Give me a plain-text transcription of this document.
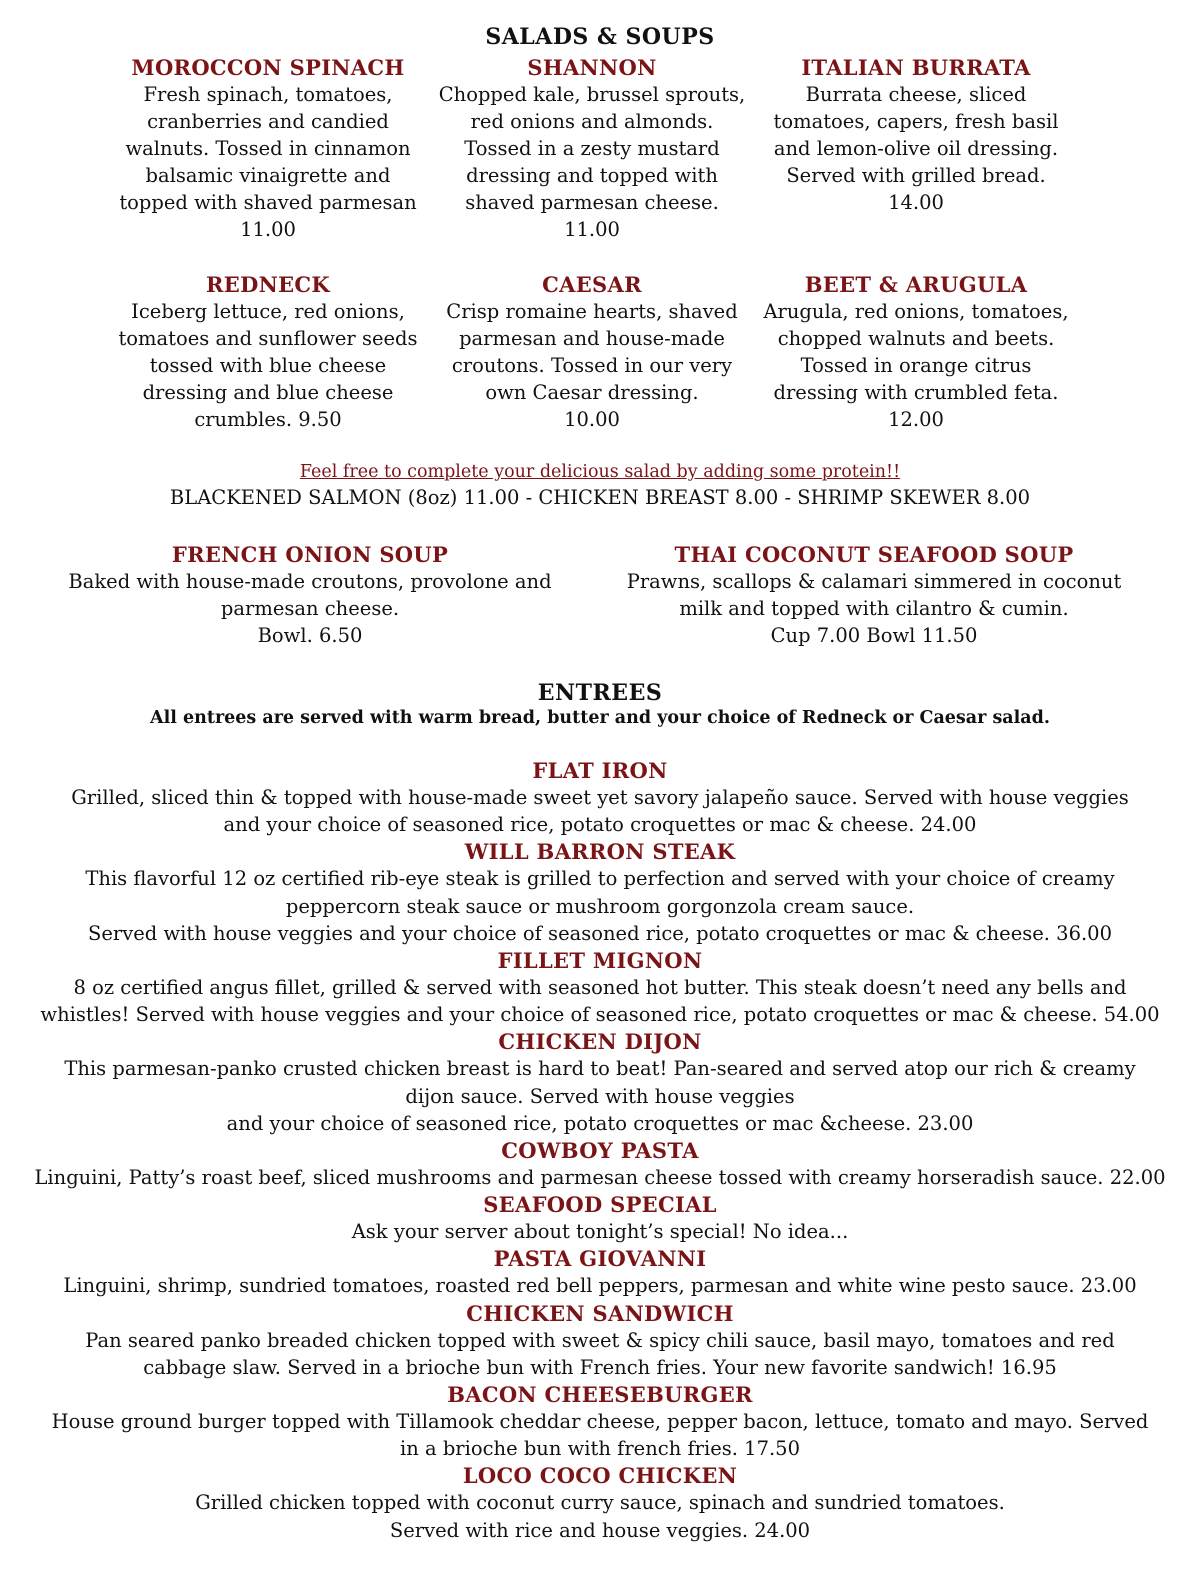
SALADS & SOUPS
MOROCCON SPINACH
Fresh spinach, tomatoes,
cranberries and candied
walnuts. Tossed in cinnamon
balsamic vinaigrette and
topped with shaved parmesan
11.00
SHANNON
Chopped kale, brussel sprouts,
red onions and almonds.
Tossed in a zesty mustard
dressing and topped with
shaved parmesan cheese.
11.00
ITALIAN BURRATA
Burrata cheese, sliced
tomatoes, capers, fresh basil
and lemon-olive oil dressing.
Served with grilled bread.
14.00
REDNECK
Iceberg lettuce, red onions,
tomatoes and sunflower seeds
tossed with blue cheese
dressing and blue cheese
crumbles. 9.50
CAESAR
Crisp romaine hearts, shaved
parmesan and house-made
croutons. Tossed in our very
own Caesar dressing.
10.00
BEET & ARUGULA
Arugula, red onions, tomatoes,
chopped walnuts and beets.
Tossed in orange citrus
dressing with crumbled feta.
12.00
Feel free to complete your delicious salad by adding some protein!!
BLACKENED SALMON (8oz) 11.00 - CHICKEN BREAST 8.00 - SHRIMP SKEWER 8.00
FRENCH ONION SOUP
Baked with house-made croutons, provolone and
parmesan cheese.
Bowl. 6.50
THAI COCONUT SEAFOOD SOUP
Prawns, scallops & calamari simmered in coconut
milk and topped with cilantro & cumin.
Cup 7.00 Bowl 11.50
ENTREES
All entrees are served with warm bread, butter and your choice of Redneck or Caesar salad.
FLAT IRON
Grilled, sliced thin & topped with house-made sweet yet savory jalapeño sauce. Served with house veggies
and your choice of seasoned rice, potato croquettes or mac & cheese. 24.00
WILL BARRON STEAK
This flavorful 12 oz certified rib-eye steak is grilled to perfection and served with your choice of creamy
peppercorn steak sauce or mushroom gorgonzola cream sauce.
Served with house veggies and your choice of seasoned rice, potato croquettes or mac & cheese. 36.00
FILLET MIGNON
8 oz certified angus fillet, grilled & served with seasoned hot butter. This steak doesn’t need any bells and
whistles! Served with house veggies and your choice of seasoned rice, potato croquettes or mac & cheese. 54.00
CHICKEN DIJON
This parmesan-panko crusted chicken breast is hard to beat! Pan-seared and served atop our rich & creamy
dijon sauce. Served with house veggies
and your choice of seasoned rice, potato croquettes or mac &cheese. 23.00
COWBOY PASTA
Linguini, Patty’s roast beef, sliced mushrooms and parmesan cheese tossed with creamy horseradish sauce. 22.00
SEAFOOD SPECIAL
Ask your server about tonight’s special! No idea...
PASTA GIOVANNI
Linguini, shrimp, sundried tomatoes, roasted red bell peppers, parmesan and white wine pesto sauce. 23.00
CHICKEN SANDWICH
Pan seared panko breaded chicken topped with sweet & spicy chili sauce, basil mayo, tomatoes and red
cabbage slaw. Served in a brioche bun with French fries. Your new favorite sandwich! 16.95
BACON CHEESEBURGER
House ground burger topped with Tillamook cheddar cheese, pepper bacon, lettuce, tomato and mayo. Served
in a brioche bun with french fries. 17.50
LOCO COCO CHICKEN
Grilled chicken topped with coconut curry sauce, spinach and sundried tomatoes.
Served with rice and house veggies. 24.00
